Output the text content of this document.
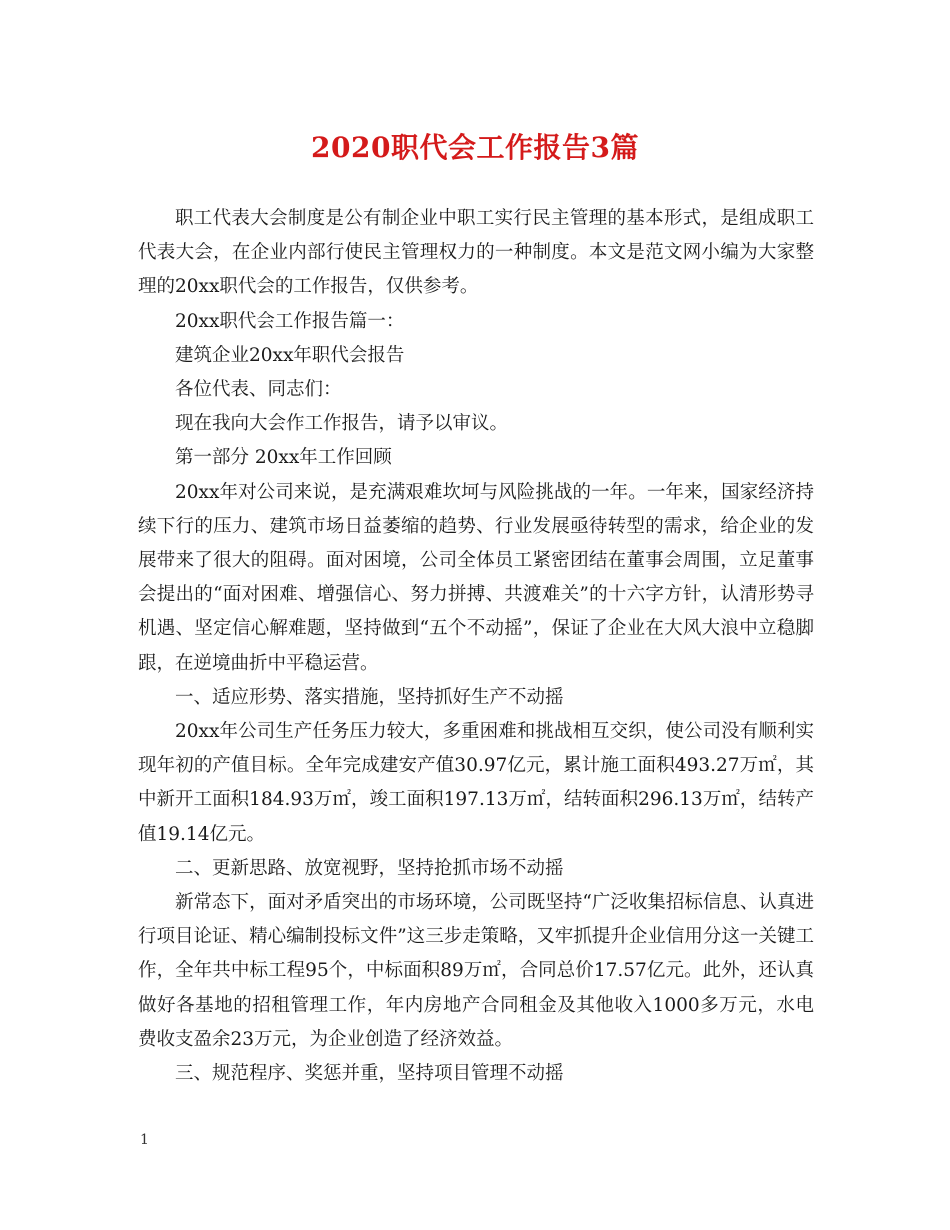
2020职代会工作报告3篇

职工代表大会制度是公有制企业中职工实行民主管理的基本形式，是组成职工代表大会，在企业内部行使民主管理权力的一种制度。本文是范文网小编为大家整理的20xx职代会的工作报告，仅供参考。

20xx职代会工作报告篇一：

建筑企业20xx年职代会报告

各位代表、同志们：

现在我向大会作工作报告，请予以审议。

第一部分 20xx年工作回顾

20xx年对公司来说，是充满艰难坎坷与风险挑战的一年。一年来，国家经济持续下行的压力、建筑市场日益萎缩的趋势、行业发展亟待转型的需求，给企业的发展带来了很大的阻碍。面对困境，公司全体员工紧密团结在董事会周围，立足董事会提出的“面对困难、增强信心、努力拼搏、共渡难关”的十六字方针，认清形势寻机遇、坚定信心解难题，坚持做到“五个不动摇”，保证了企业在大风大浪中立稳脚跟，在逆境曲折中平稳运营。

一、适应形势、落实措施，坚持抓好生产不动摇

20xx年公司生产任务压力较大，多重困难和挑战相互交织，使公司没有顺利实现年初的产值目标。全年完成建安产值30.97亿元，累计施工面积493.27万㎡，其中新开工面积184.93万㎡，竣工面积197.13万㎡，结转面积296.13万㎡，结转产值19.14亿元。

二、更新思路、放宽视野，坚持抢抓市场不动摇

新常态下，面对矛盾突出的市场环境，公司既坚持“广泛收集招标信息、认真进行项目论证、精心编制投标文件”这三步走策略，又牢抓提升企业信用分这一关键工作，全年共中标工程95个，中标面积89万㎡，合同总价17.57亿元。此外，还认真做好各基地的招租管理工作，年内房地产合同租金及其他收入1000多万元，水电费收支盈余23万元，为企业创造了经济效益。

三、规范程序、奖惩并重，坚持项目管理不动摇

1
